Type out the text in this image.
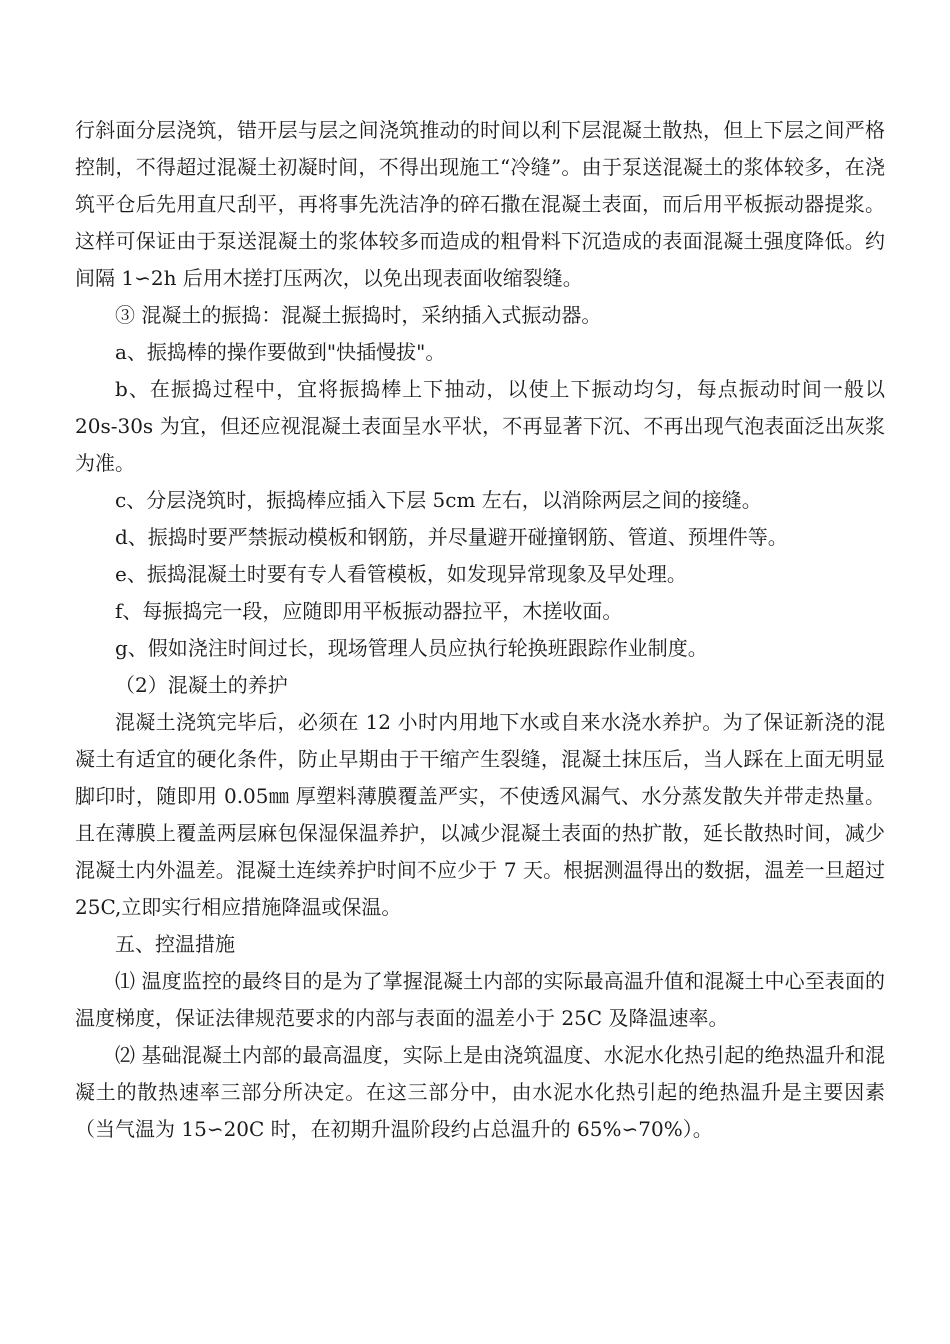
行斜面分层浇筑，错开层与层之间浇筑推动的时间以利下层混凝土散热，但上下层之间严格控制，不得超过混凝土初凝时间，不得出现施工“冷缝”。由于泵送混凝土的浆体较多，在浇筑平仓后先用直尺刮平，再将事先洗洁净的碎石撒在混凝土表面，而后用平板振动器提浆。这样可保证由于泵送混凝土的浆体较多而造成的粗骨料下沉造成的表面混凝土强度降低。约间隔 1∽2h 后用木搓打压两次，以免出现表面收缩裂缝。

③ 混凝土的振捣：混凝土振捣时，采纳插入式振动器。

a、振捣棒的操作要做到"快插慢拔"。

b、在振捣过程中，宜将振捣棒上下抽动，以使上下振动均匀，每点振动时间一般以 20s-30s 为宜，但还应视混凝土表面呈水平状，不再显著下沉、不再出现气泡表面泛出灰浆为准。

c、分层浇筑时，振捣棒应插入下层 5cm 左右，以消除两层之间的接缝。

d、振捣时要严禁振动模板和钢筋，并尽量避开碰撞钢筋、管道、预埋件等。

e、振捣混凝土时要有专人看管模板，如发现异常现象及早处理。

f、每振捣完一段，应随即用平板振动器拉平，木搓收面。

g、假如浇注时间过长，现场管理人员应执行轮换班跟踪作业制度。

（2）混凝土的养护

混凝土浇筑完毕后，必须在 12 小时内用地下水或自来水浇水养护。为了保证新浇的混凝土有适宜的硬化条件，防止早期由于干缩产生裂缝，混凝土抹压后，当人踩在上面无明显脚印时，随即用 0.05㎜ 厚塑料薄膜覆盖严实，不使透风漏气、水分蒸发散失并带走热量。且在薄膜上覆盖两层麻包保湿保温养护，以减少混凝土表面的热扩散，延长散热时间，减少混凝土内外温差。混凝土连续养护时间不应少于 7 天。根据测温得出的数据，温差一旦超过 25C,立即实行相应措施降温或保温。

五、控温措施

⑴ 温度监控的最终目的是为了掌握混凝土内部的实际最高温升值和混凝土中心至表面的温度梯度，保证法律规范要求的内部与表面的温差小于 25C 及降温速率。

⑵ 基础混凝土内部的最高温度，实际上是由浇筑温度、水泥水化热引起的绝热温升和混凝土的散热速率三部分所决定。在这三部分中，由水泥水化热引起的绝热温升是主要因素（当气温为 15∽20C 时，在初期升温阶段约占总温升的 65%∽70%）。
